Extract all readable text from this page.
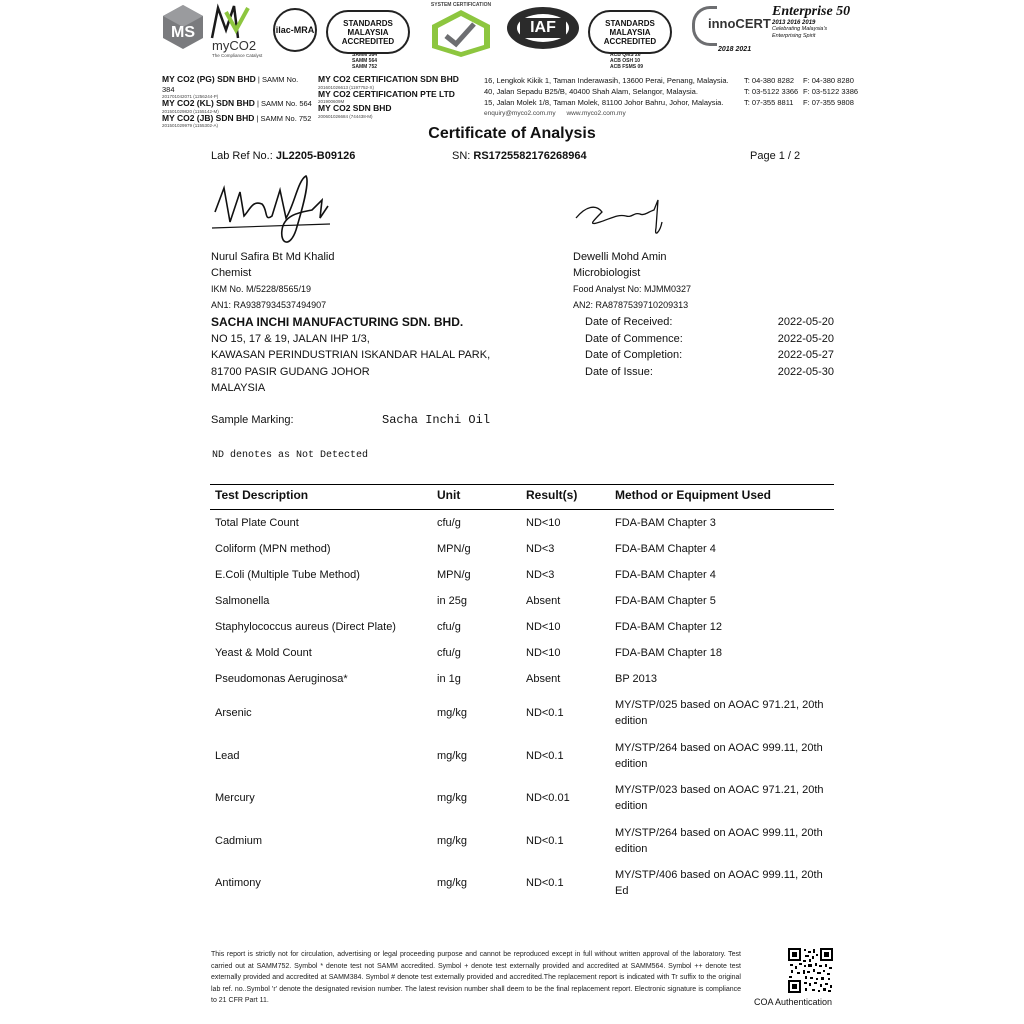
MS
myCO2
The Compliance Catalyst
ilac-MRA
STANDARDS MALAYSIA ACCREDITED
SAMM 384
SAMM 564
SAMM 752
SYSTEM CERTIFICATION
IAF	STANDARDS MALAYSIA ACCREDITED
ACB QMS 26
ACB OSH 10
ACB FSMS 09
innoCERT
2018 2021
Enterprise 50
2013 2016 2019
Celebrating Malaysia's Enterprising Spirit
MY CO2 (PG) SDN BHD | SAMM No. 384
201701042071 (1256244-P)
MY CO2 (KL) SDN BHD | SAMM No. 564
201501029820 (1155142-M)
MY CO2 (JB) SDN BHD | SAMM No. 752
201501029979 (1155302-A)
MY CO2 CERTIFICATION SDN BHD
201601026613 (1197752-X)
MY CO2 CERTIFICATION PTE LTD
201900609M
MY CO2 SDN BHD
200601026684 (744438-M)
16, Lengkok Kikik 1, Taman Inderawasih, 13600 Perai, Penang, Malaysia.
40, Jalan Sepadu B25/B, 40400 Shah Alam, Selangor, Malaysia.
15, Jalan Molek 1/8, Taman Molek, 81100 Johor Bahru, Johor, Malaysia.
enquiry@myco2.com.my www.myco2.com.my
T: 04-380 8282
T: 03-5122 3366
T: 07-355 8811
F: 04-380 8280
F: 03-5122 3386
F: 07-355 9808
Certificate of Analysis
Lab Ref No.: JL2205-B09126	SN: RS1725582176268964	Page 1 / 2
Nurul Safira Bt Md Khalid
Chemist
IKM No. M/5228/8565/19
AN1: RA9387934537494907
Dewelli Mohd Amin
Microbiologist
Food Analyst No: MJMM0327
AN2: RA8787539710209313
SACHA INCHI MANUFACTURING SDN. BHD.
NO 15, 17 & 19, JALAN IHP 1/3,
KAWASAN PERINDUSTRIAN ISKANDAR HALAL PARK,
81700 PASIR GUDANG JOHOR
MALAYSIA
Date of Received:	2022-05-20
Date of Commence:	2022-05-20
Date of Completion:	2022-05-27
Date of Issue:	2022-05-30
Sample Marking:	Sacha Inchi Oil
ND denotes as Not Detected
Test Description	Unit	Result(s)	Method or Equipment Used
Total Plate Count	cfu/g	ND<10	FDA-BAM Chapter 3
Coliform (MPN method)	MPN/g	ND<3	FDA-BAM Chapter 4
E.Coli (Multiple Tube Method)	MPN/g	ND<3	FDA-BAM Chapter 4
Salmonella	in 25g	Absent	FDA-BAM Chapter 5
Staphylococcus aureus (Direct Plate)	cfu/g	ND<10	FDA-BAM Chapter 12
Yeast & Mold Count	cfu/g	ND<10	FDA-BAM Chapter 18
Pseudomonas Aeruginosa*	in 1g	Absent	BP 2013
Arsenic	mg/kg	ND<0.1	MY/STP/025 based on AOAC 971.21, 20th edition
Lead	mg/kg	ND<0.1	MY/STP/264 based on AOAC 999.11, 20th edition
Mercury	mg/kg	ND<0.01	MY/STP/023 based on AOAC 971.21, 20th edition
Cadmium	mg/kg	ND<0.1	MY/STP/264 based on AOAC 999.11, 20th edition
Antimony	mg/kg	ND<0.1	MY/STP/406 based on AOAC 999.11, 20th Ed
This report is strictly not for circulation, advertising or legal proceeding purpose and cannot be reproduced except in full without written approval of the laboratory. Test carried out at SAMM752. Symbol * denote test not SAMM accredited. Symbol + denote test externally provided and accredited at SAMM564. Symbol ++ denote test externally provided and accredited at SAMM384. Symbol # denote test externally provided and accredited.The replacement report is indicated with Tr suffix to the original lab ref. no..Symbol 'r' denote the designated revision number. The latest revision number shall deem to be the final replacement report. Electronic signature is compliance to 21 CFR Part 11.	COA Authentication
